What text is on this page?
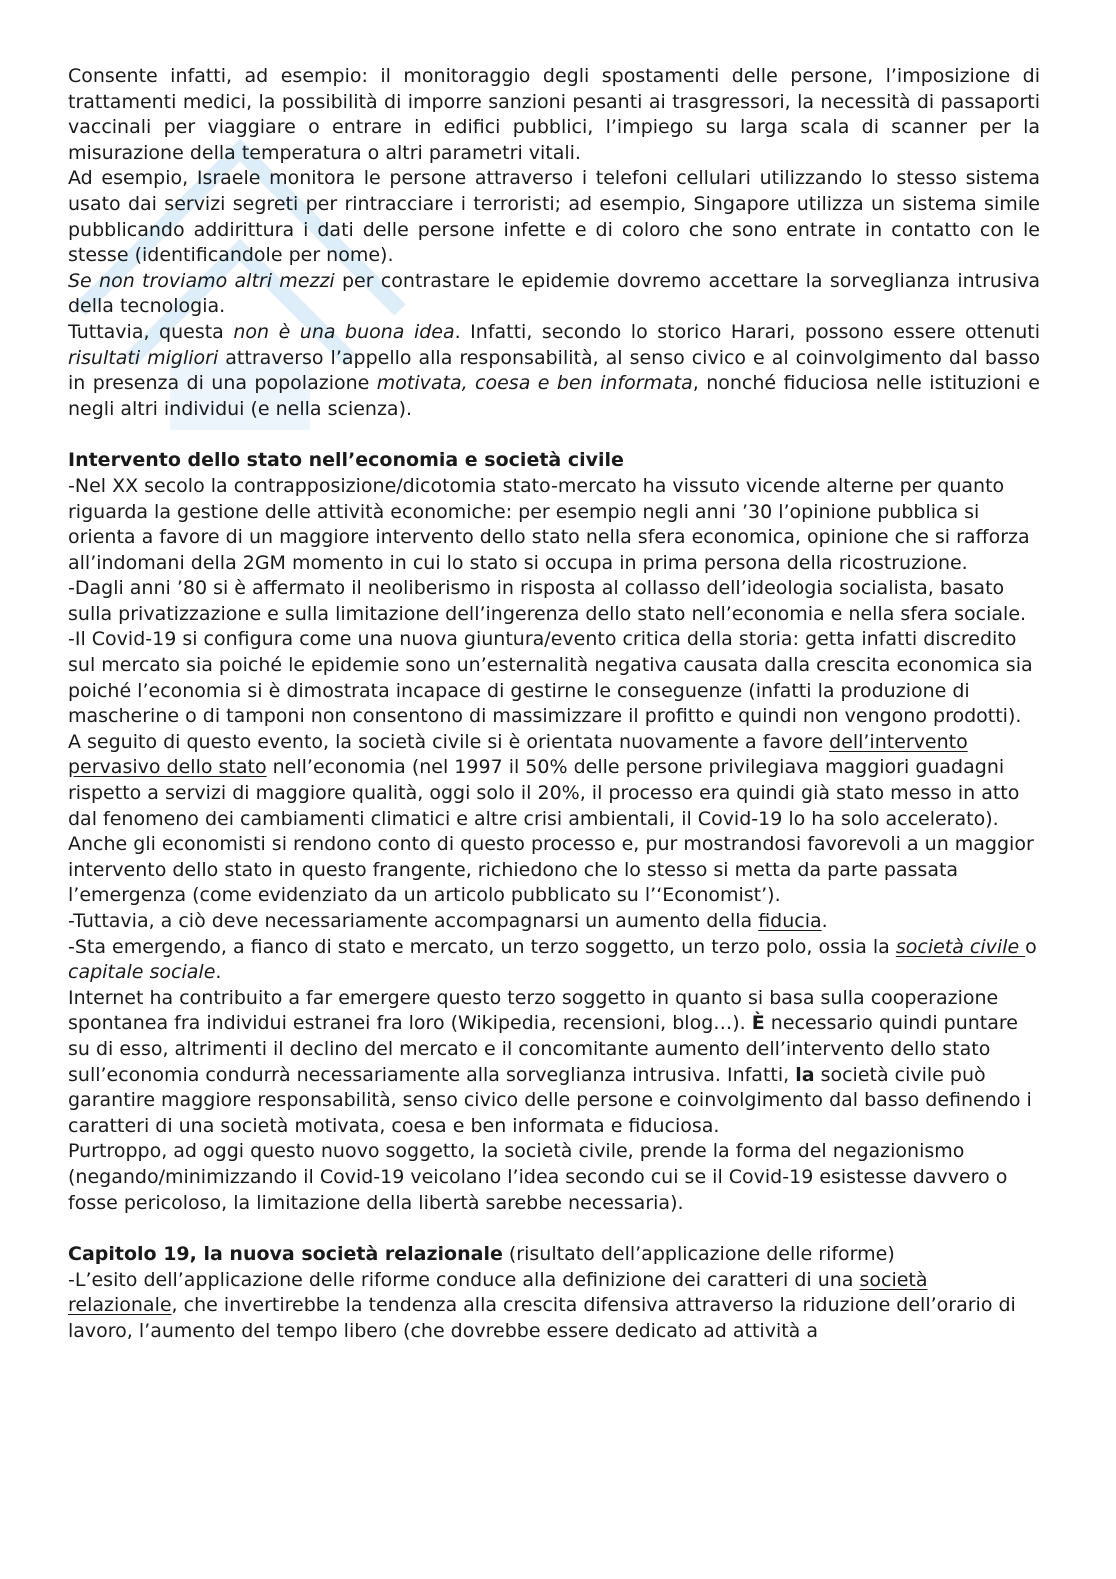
Consente infatti, ad esempio: il monitoraggio degli spostamenti delle persone, l’imposizione di trattamenti medici, la possibilità di imporre sanzioni pesanti ai trasgressori, la necessità di passaporti vaccinali per viaggiare o entrare in edifici pubblici, l’impiego su larga scala di scanner per la misurazione della temperatura o altri parametri vitali.

Ad esempio, Israele monitora le persone attraverso i telefoni cellulari utilizzando lo stesso sistema usato dai servizi segreti per rintracciare i terroristi; ad esempio, Singapore utilizza un sistema simile pubblicando addirittura i dati delle persone infette e di coloro che sono entrate in contatto con le stesse (identificandole per nome).

Se non troviamo altri mezzi per contrastare le epidemie dovremo accettare la sorveglianza intrusiva della tecnologia.

Tuttavia, questa non è una buona idea. Infatti, secondo lo storico Harari, possono essere ottenuti risultati migliori attraverso l’appello alla responsabilità, al senso civico e al coinvolgimento dal basso in presenza di una popolazione motivata, coesa e ben informata, nonché fiduciosa nelle istituzioni e negli altri individui (e nella scienza).

Intervento dello stato nell’economia e società civile

-Nel XX secolo la contrapposizione/dicotomia stato-mercato ha vissuto vicende alterne per quanto riguarda la gestione delle attività economiche: per esempio negli anni ’30 l’opinione pubblica si orienta a favore di un maggiore intervento dello stato nella sfera economica, opinione che si rafforza all’indomani della 2GM momento in cui lo stato si occupa in prima persona della ricostruzione.

-Dagli anni ’80 si è affermato il neoliberismo in risposta al collasso dell’ideologia socialista, basato sulla privatizzazione e sulla limitazione dell’ingerenza dello stato nell’economia e nella sfera sociale.

-Il Covid-19 si configura come una nuova giuntura/evento critica della storia: getta infatti discredito sul mercato sia poiché le epidemie sono un’esternalità negativa causata dalla crescita economica sia poiché l’economia si è dimostrata incapace di gestirne le conseguenze (infatti la produzione di mascherine o di tamponi non consentono di massimizzare il profitto e quindi non vengono prodotti).

A seguito di questo evento, la società civile si è orientata nuovamente a favore dell’intervento pervasivo dello stato nell’economia (nel 1997 il 50% delle persone privilegiava maggiori guadagni rispetto a servizi di maggiore qualità, oggi solo il 20%, il processo era quindi già stato messo in atto dal fenomeno dei cambiamenti climatici e altre crisi ambientali, il Covid-19 lo ha solo accelerato). Anche gli economisti si rendono conto di questo processo e, pur mostrandosi favorevoli a un maggior intervento dello stato in questo frangente, richiedono che lo stesso si metta da parte passata l’emergenza (come evidenziato da un articolo pubblicato su l’‘Economist’).

-Tuttavia, a ciò deve necessariamente accompagnarsi un aumento della fiducia.

-Sta emergendo, a fianco di stato e mercato, un terzo soggetto, un terzo polo, ossia la società civile o capitale sociale.

Internet ha contribuito a far emergere questo terzo soggetto in quanto si basa sulla cooperazione spontanea fra individui estranei fra loro (Wikipedia, recensioni, blog…). È necessario quindi puntare su di esso, altrimenti il declino del mercato e il concomitante aumento dell’intervento dello stato sull’economia condurrà necessariamente alla sorveglianza intrusiva. Infatti, la società civile può garantire maggiore responsabilità, senso civico delle persone e coinvolgimento dal basso definendo i caratteri di una società motivata, coesa e ben informata e fiduciosa.

Purtroppo, ad oggi questo nuovo soggetto, la società civile, prende la forma del negazionismo (negando/minimizzando il Covid-19 veicolano l’idea secondo cui se il Covid-19 esistesse davvero o fosse pericoloso, la limitazione della libertà sarebbe necessaria).

Capitolo 19, la nuova società relazionale (risultato dell’applicazione delle riforme)

-L’esito dell’applicazione delle riforme conduce alla definizione dei caratteri di una società relazionale, che invertirebbe la tendenza alla crescita difensiva attraverso la riduzione dell’orario di lavoro, l’aumento del tempo libero (che dovrebbe essere dedicato ad attività a
